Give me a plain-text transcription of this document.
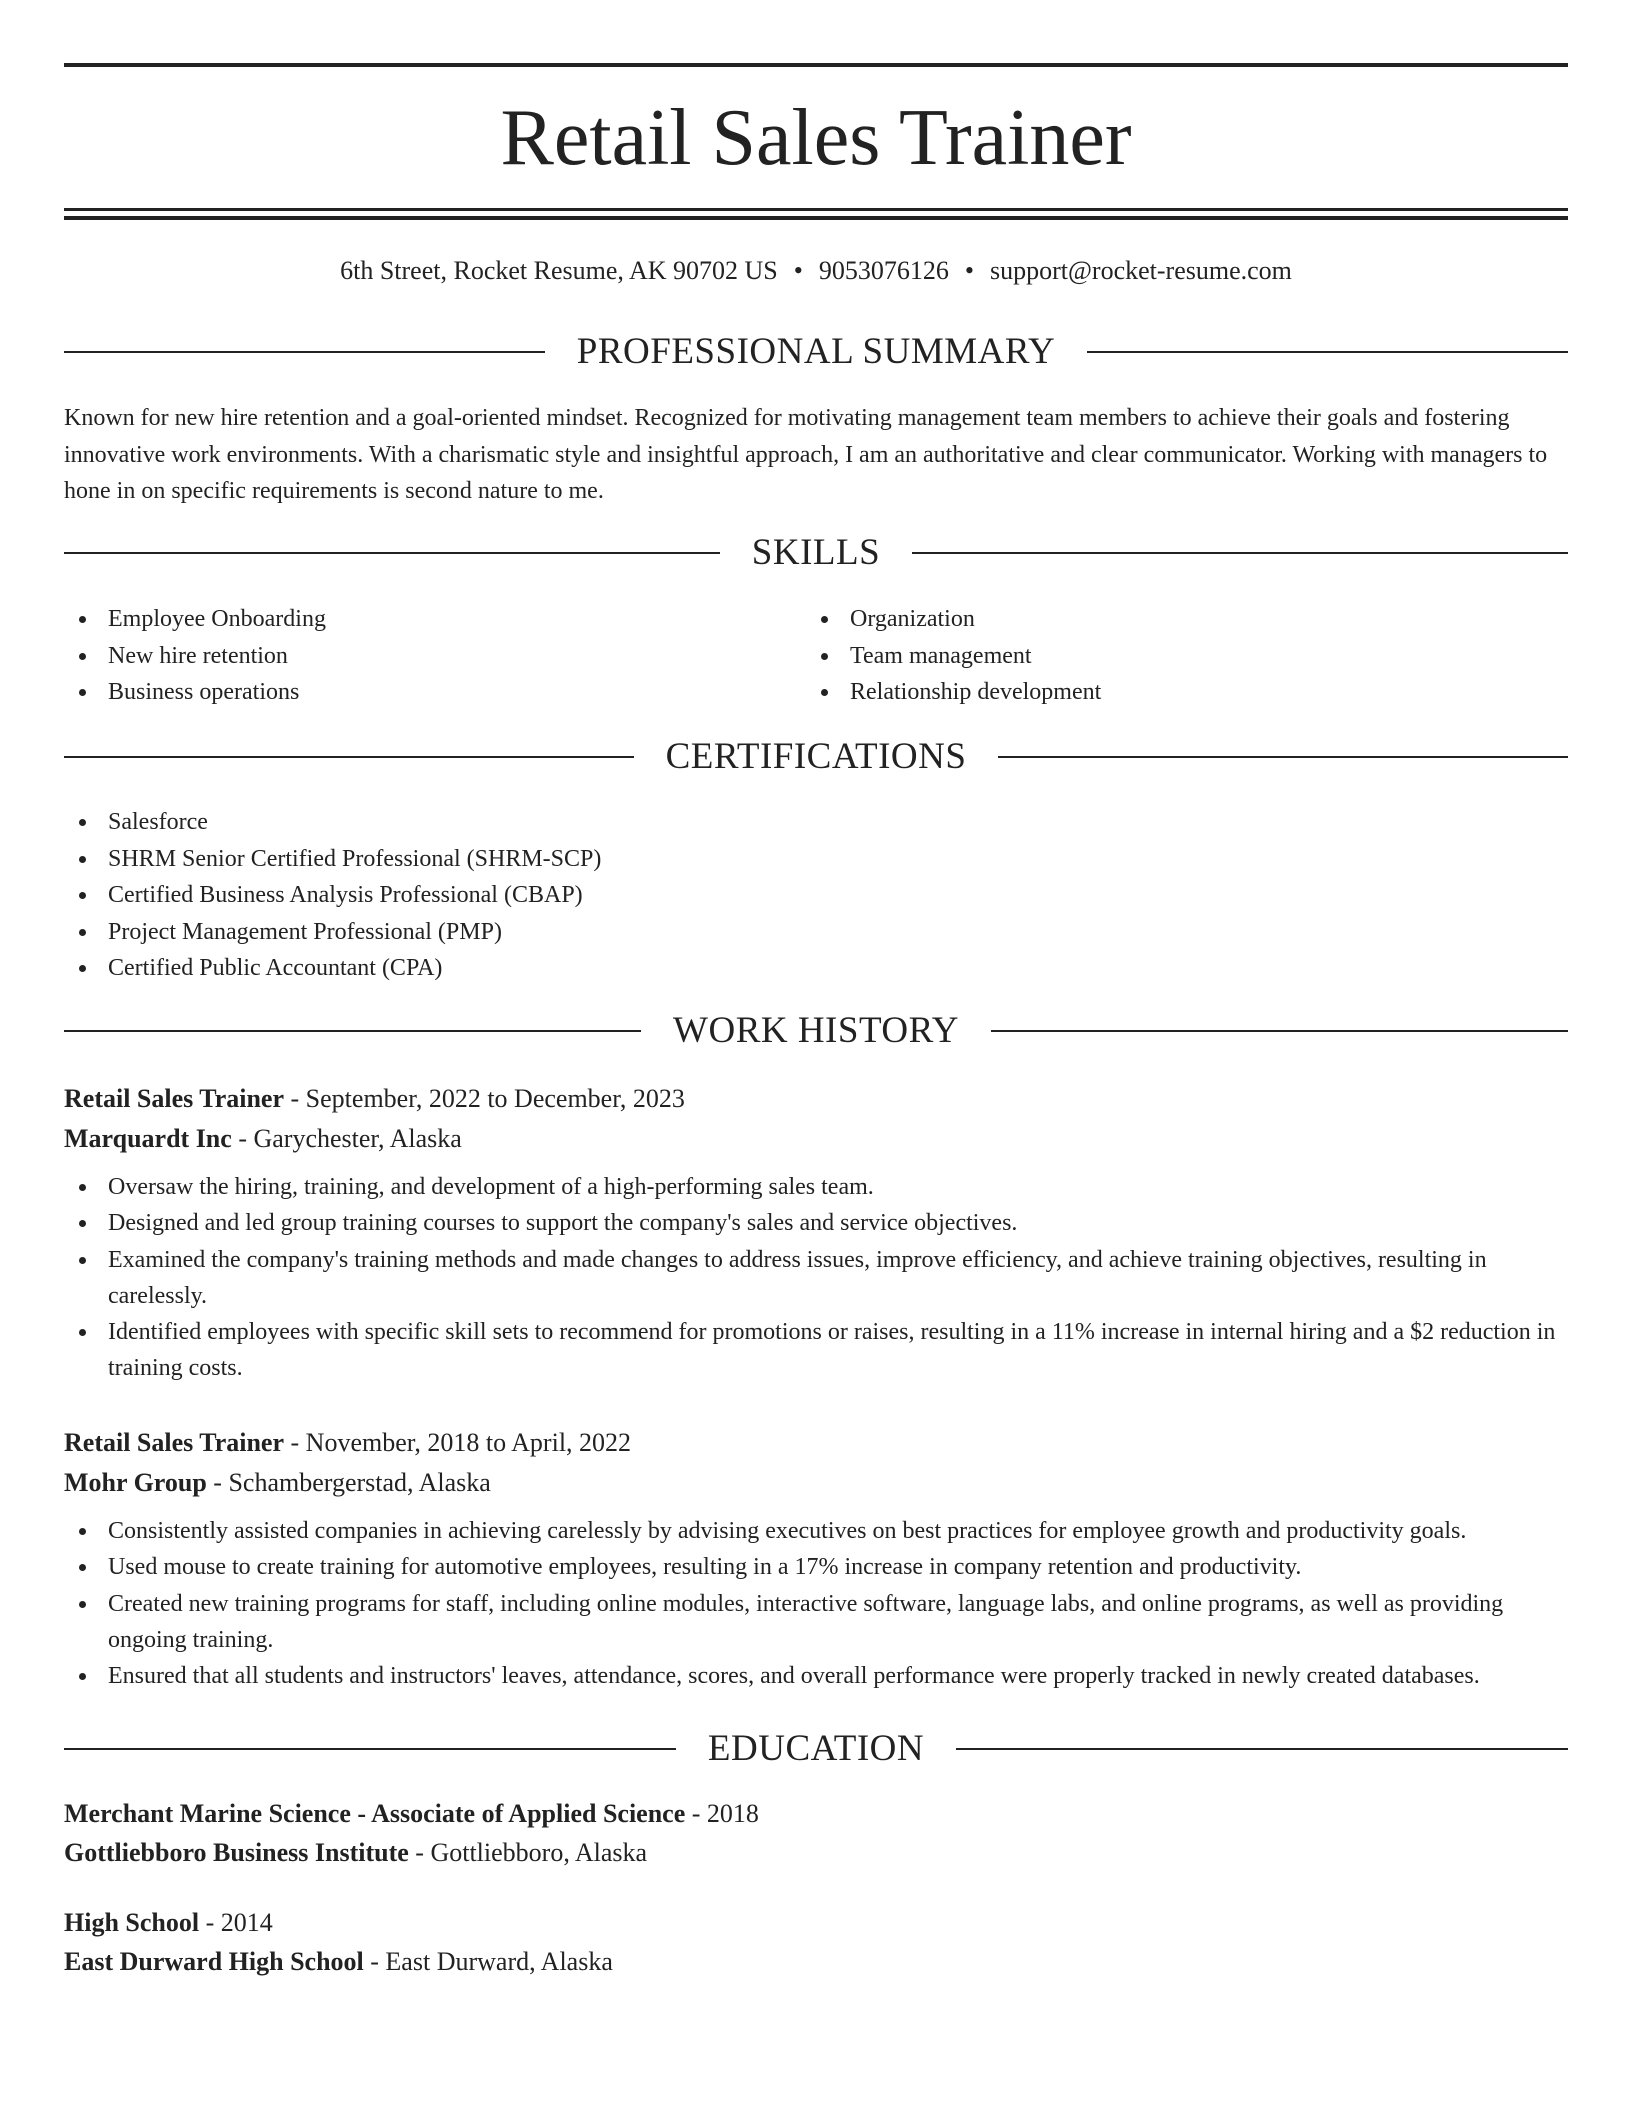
Retail Sales Trainer
6th Street, Rocket Resume, AK 90702 US • 9053076126 • support@rocket-resume.com
PROFESSIONAL SUMMARY

Known for new hire retention and a goal-oriented mindset. Recognized for motivating management team members to achieve their goals and fostering innovative work environments. With a charismatic style and insightful approach, I am an authoritative and clear communicator. Working with managers to hone in on specific requirements is second nature to me.

SKILLS
Employee Onboarding
New hire retention
Business operations
Organization
Team management
Relationship development
CERTIFICATIONS
Salesforce
SHRM Senior Certified Professional (SHRM-SCP)
Certified Business Analysis Professional (CBAP)
Project Management Professional (PMP)
Certified Public Accountant (CPA)
WORK HISTORY
Retail Sales Trainer - September, 2022 to December, 2023
Marquardt Inc - Garychester, Alaska
Oversaw the hiring, training, and development of a high-performing sales team.
Designed and led group training courses to support the company's sales and service objectives.
Examined the company's training methods and made changes to address issues, improve efficiency, and achieve training objectives, resulting in carelessly.
Identified employees with specific skill sets to recommend for promotions or raises, resulting in a 11% increase in internal hiring and a $2 reduction in training costs.
Retail Sales Trainer - November, 2018 to April, 2022
Mohr Group - Schambergerstad, Alaska
Consistently assisted companies in achieving carelessly by advising executives on best practices for employee growth and productivity goals.
Used mouse to create training for automotive employees, resulting in a 17% increase in company retention and productivity.
Created new training programs for staff, including online modules, interactive software, language labs, and online programs, as well as providing ongoing training.
Ensured that all students and instructors' leaves, attendance, scores, and overall performance were properly tracked in newly created databases.
EDUCATION
Merchant Marine Science - Associate of Applied Science - 2018
Gottliebboro Business Institute - Gottliebboro, Alaska
High School - 2014
East Durward High School - East Durward, Alaska
